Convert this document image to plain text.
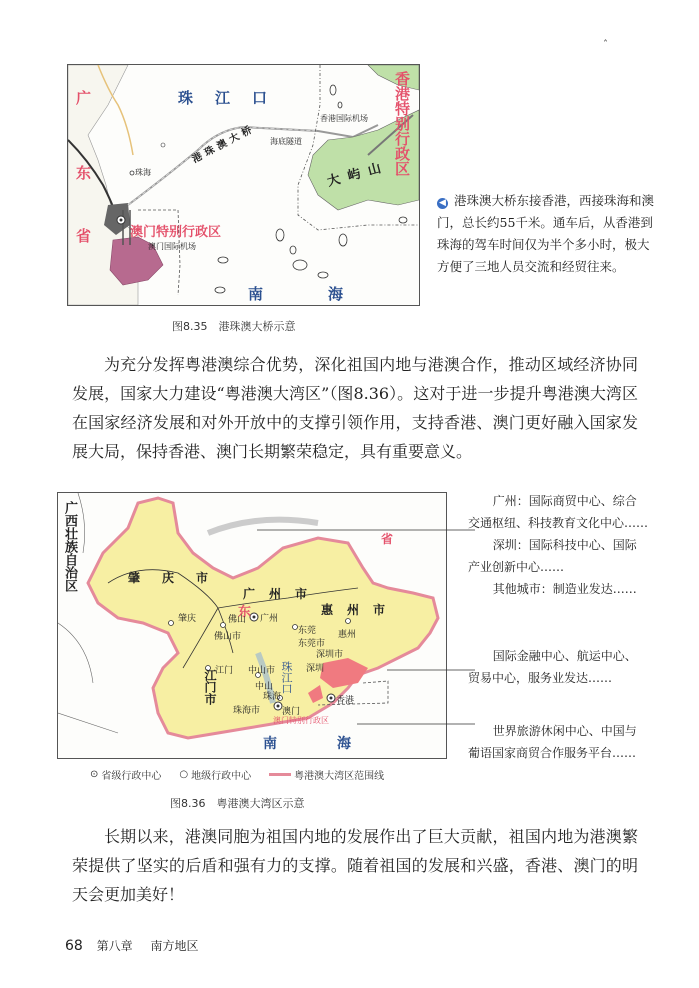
ˆ
广
东
省
珠江口	香港特别行政区
珠海
港珠澳大桥 海底隧道
香港国际机场
大屿山
澳门特别行政区
澳门国际机场
南海
◀ 港珠澳大桥东接香港，西接珠海和澳门，总长约55千米。通车后，从香港到珠海的驾车时间仅为半个多小时，极大方便了三地人员交流和经贸往来。
图8.35　港珠澳大桥示意
为充分发挥粤港澳综合优势，深化祖国内地与港澳合作，推动区域经济协同发展，国家大力建设“粤港澳大湾区”（图8.36）。这对于进一步提升粤港澳大湾区在国家经济发展和对外开放中的支撑引领作用，支持香港、澳门更好融入国家发展大局，保持香港、澳门长期繁荣稳定，具有重要意义。
广西壮族自治区	肇庆市
广州市
惠州市
东
省
肇庆	佛山 广州
佛山市
东莞
东莞市
惠州
江门 中山市
中山
珠海
珠海市 澳门
深圳
深圳市
香港
澳门特别行政区
江门市	珠江口
南海
广州：国际商贸中心、综合
交通枢纽、科技教育文化中心……
深圳：国际科技中心、国际
产业创新中心……
其他城市：制造业发达……
国际金融中心、航运中心、
贸易中心，服务业发达……
世界旅游休闲中心、中国与
葡语国家商贸合作服务平台……
⊙ 省级行政中心 ○ 地级行政中心	粤港澳大湾区范围线
图8.36　粤港澳大湾区示意
长期以来，港澳同胞为祖国内地的发展作出了巨大贡献，祖国内地为港澳繁荣提供了坚实的后盾和强有力的支撑。随着祖国的发展和兴盛，香港、澳门的明天会更加美好！
68 第八章 南方地区
